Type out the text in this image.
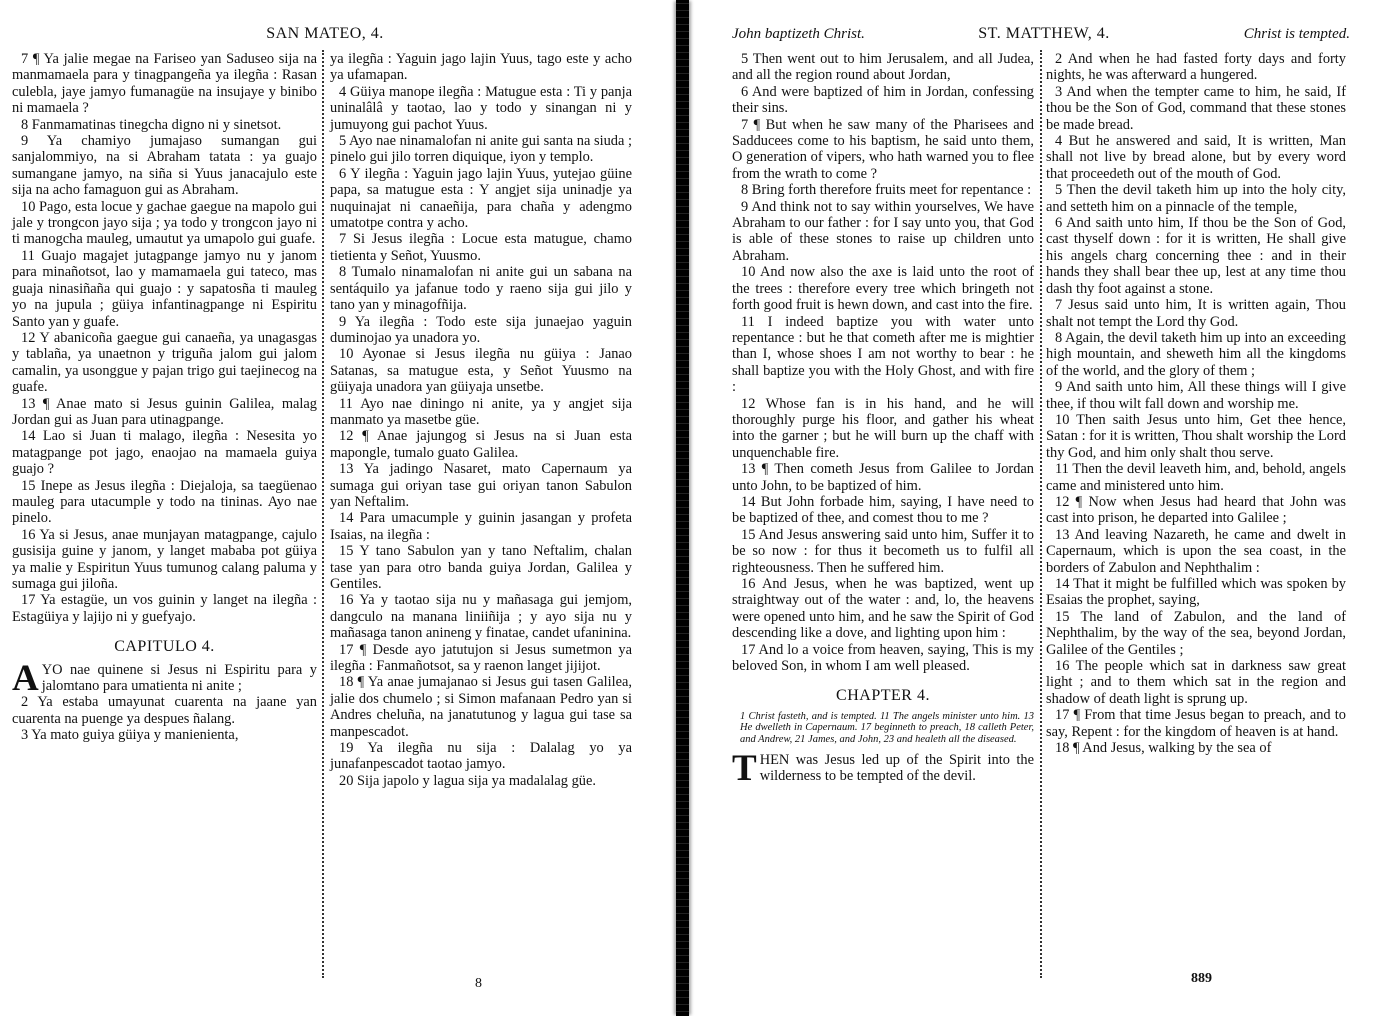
SAN MATEO, 4.

7 ¶ Ya jalie megae na Fariseo yan Saduseo sija na manmamaela para y tinagpangeña ya ilegña : Rasan culebla, jaye jamyo fumanagüe na insujaye y binibo ni mamaela ?

8 Fanmamatinas tinegcha digno ni y sinetsot.

9 Ya chamiyo jumajaso sumangan gui sanjalommiyo, na si Abraham tatata : ya guajo sumangane jamyo, na siña si Yuus janacajulo este sija na acho famaguon gui as Abraham.

10 Pago, esta locue y gachae gaegue na mapolo gui jale y trongcon jayo sija ; ya todo y trongcon jayo ni ti manogcha mauleg, umautut ya umapolo gui guafe.

11 Guajo magajet jutagpange jamyo nu y janom para minañotsot, lao y mamamaela gui tateco, mas guaja ninasiñaña qui guajo : y sapatosña ti mauleg yo na jupula ; güiya infantinagpange ni Espiritu Santo yan y guafe.

12 Y abanicoña gaegue gui canaeña, ya unagasgas y tablaña, ya unaetnon y triguña jalom gui jalom camalin, ya usonggue y pajan trigo gui taejinecog na guafe.

13 ¶ Anae mato si Jesus guinin Galilea, malag Jordan gui as Juan para utinagpange.

14 Lao si Juan ti malago, ilegña : Nesesita yo matagpange pot jago, enaojao na mamaela guiya guajo ?

15 Inepe as Jesus ilegña : Diejaloja, sa taegüenao mauleg para utacumple y todo na tininas. Ayo nae pinelo.

16 Ya si Jesus, anae munjayan matagpange, cajulo gusisija guine y janom, y langet mababa pot güiya ya malie y Espiritun Yuus tumunog calang paluma y sumaga gui jiloña.

17 Ya estagüe, un vos guinin y langet na ilegña : Estagüiya y lajijo ni y guefyajo.

CAPITULO 4.

AYO nae quinene si Jesus ni Espiritu para y jalomtano para umatienta ni anite ;

2 Ya estaba umayunat cuarenta na jaane yan cuarenta na puenge ya despues ñalang.

3 Ya mato guiya güiya y manienienta,

ya ilegña : Yaguin jago lajin Yuus, tago este y acho ya ufamapan.

4 Güiya manope ilegña : Matugue esta : Ti y panja uninalâlâ y taotao, lao y todo y sinangan ni y jumuyong gui pachot Yuus.

5 Ayo nae ninamalofan ni anite gui santa na siuda ; pinelo gui jilo torren diquique, iyon y templo.

6 Y ilegña : Yaguin jago lajin Yuus, yutejao güine papa, sa matugue esta : Y angjet sija uninadje ya nuquinajat ni canaeñija, para chaña y adengmo umatotpe contra y acho.

7 Si Jesus ilegña : Locue esta matugue, chamo tietienta y Señot, Yuusmo.

8 Tumalo ninamalofan ni anite gui un sabana na sentáquilo ya jafanue todo y raeno sija gui jilo y tano yan y minagofñija.

9 Ya ilegña : Todo este sija junaejao yaguin duminojao ya unadora yo.

10 Ayonae si Jesus ilegña nu güiya : Janao Satanas, sa matugue esta, y Señot Yuusmo na güiyaja unadora yan güiyaja unsetbe.

11 Ayo nae diningo ni anite, ya y angjet sija manmato ya masetbe güe.

12 ¶ Anae jajungog si Jesus na si Juan esta mapongle, tumalo guato Galilea.

13 Ya jadingo Nasaret, mato Capernaum ya sumaga gui oriyan tase gui oriyan tanon Sabulon yan Neftalim.

14 Para umacumple y guinin jasangan y profeta Isaias, na ilegña :

15 Y tano Sabulon yan y tano Neftalim, chalan tase yan para otro banda guiya Jordan, Galilea y Gentiles.

16 Ya y taotao sija nu y mañasaga gui jemjom, dangculo na manana liniiñija ; y ayo sija nu y mañasaga tanon anineng y finatae, candet ufaninina.

17 ¶ Desde ayo jatutujon si Jesus sumetmon ya ilegña : Fanmañotsot, sa y raenon langet jijijot.

18 ¶ Ya anae jumajanao si Jesus gui tasen Galilea, jalie dos chumelo ; si Simon mafanaan Pedro yan si Andres cheluña, na janatutunog y lagua gui tase sa manpescadot.

19 Ya ilegña nu sija : Dalalag yo ya junafanpescadot taotao jamyo.

20 Sija japolo y lagua sija ya madalalag güe.

8
John baptizeth Christ.	ST. MATTHEW, 4.	Christ is tempted.

5 Then went out to him Jerusalem, and all Judea, and all the region round about Jordan,

6 And were baptized of him in Jordan, confessing their sins.

7 ¶ But when he saw many of the Pharisees and Sadducees come to his baptism, he said unto them, O generation of vipers, who hath warned you to flee from the wrath to come ?

8 Bring forth therefore fruits meet for repentance :

9 And think not to say within yourselves, We have Abraham to our father : for I say unto you, that God is able of these stones to raise up children unto Abraham.

10 And now also the axe is laid unto the root of the trees : therefore every tree which bringeth not forth good fruit is hewn down, and cast into the fire.

11 I indeed baptize you with water unto repentance : but he that cometh after me is mightier than I, whose shoes I am not worthy to bear : he shall baptize you with the Holy Ghost, and with fire :

12 Whose fan is in his hand, and he will thoroughly purge his floor, and gather his wheat into the garner ; but he will burn up the chaff with unquenchable fire.

13 ¶ Then cometh Jesus from Galilee to Jordan unto John, to be baptized of him.

14 But John forbade him, saying, I have need to be baptized of thee, and comest thou to me ?

15 And Jesus answering said unto him, Suffer it to be so now : for thus it becometh us to fulfil all righteousness. Then he suffered him.

16 And Jesus, when he was baptized, went up straightway out of the water : and, lo, the heavens were opened unto him, and he saw the Spirit of God descending like a dove, and lighting upon him :

17 And lo a voice from heaven, saying, This is my beloved Son, in whom I am well pleased.

CHAPTER 4.

1 Christ fasteth, and is tempted. 11 The angels minister unto him. 13 He dwelleth in Capernaum. 17 beginneth to preach, 18 calleth Peter, and Andrew, 21 James, and John, 23 and healeth all the diseased.

THEN was Jesus led up of the Spirit into the wilderness to be tempted of the devil.

2 And when he had fasted forty days and forty nights, he was afterward a hungered.

3 And when the tempter came to him, he said, If thou be the Son of God, command that these stones be made bread.

4 But he answered and said, It is written, Man shall not live by bread alone, but by every word that proceedeth out of the mouth of God.

5 Then the devil taketh him up into the holy city, and setteth him on a pinnacle of the temple,

6 And saith unto him, If thou be the Son of God, cast thyself down : for it is written, He shall give his angels charg concerning thee : and in their hands they shall bear thee up, lest at any time thou dash thy foot against a stone.

7 Jesus said unto him, It is written again, Thou shalt not tempt the Lord thy God.

8 Again, the devil taketh him up into an exceeding high mountain, and sheweth him all the kingdoms of the world, and the glory of them ;

9 And saith unto him, All these things will I give thee, if thou wilt fall down and worship me.

10 Then saith Jesus unto him, Get thee hence, Satan : for it is written, Thou shalt worship the Lord thy God, and him only shalt thou serve.

11 Then the devil leaveth him, and, behold, angels came and ministered unto him.

12 ¶ Now when Jesus had heard that John was cast into prison, he departed into Galilee ;

13 And leaving Nazareth, he came and dwelt in Capernaum, which is upon the sea coast, in the borders of Zabulon and Nephthalim :

14 That it might be fulfilled which was spoken by Esaias the prophet, saying,

15 The land of Zabulon, and the land of Nephthalim, by the way of the sea, beyond Jordan, Galilee of the Gentiles ;

16 The people which sat in darkness saw great light ; and to them which sat in the region and shadow of death light is sprung up.

17 ¶ From that time Jesus began to preach, and to say, Repent : for the kingdom of heaven is at hand.

18 ¶ And Jesus, walking by the sea of

889
